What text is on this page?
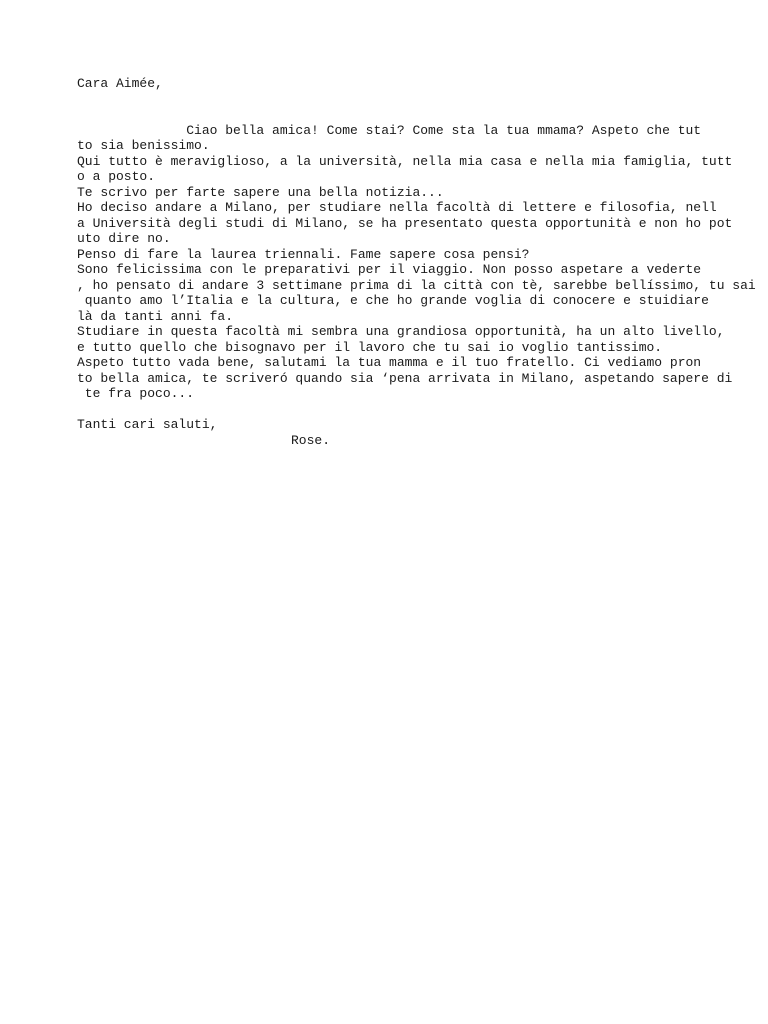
Cara Aimée,
Ciao bella amica! Come stai? Come sta la tua mmama? Aspeto che tut
to sia benissimo.
Qui tutto è meraviglioso, a la università, nella mia casa e nella mia famiglia, tutt
o a posto.
Te scrivo per farte sapere una bella notizia...
Ho deciso andare a Milano, per studiare nella facoltà di lettere e filosofia, nell
a Università degli studi di Milano, se ha presentato questa opportunità e non ho pot
uto dire no.
Penso di fare la laurea triennali. Fame sapere cosa pensi?
Sono felicissima con le preparativi per il viaggio. Non posso aspetare a vederte
, ho pensato di andare 3 settimane prima di la città con tè, sarebbe bellíssimo, tu sai
quanto amo l’Italia e la cultura, e che ho grande voglia di conocere e stuidiare
là da tanti anni fa.
Studiare in questa facoltà mi sembra una grandiosa opportunità, ha un alto livello,
e tutto quello che bisognavo per il lavoro che tu sai io voglio tantissimo.
Aspeto tutto vada bene, salutami la tua mamma e il tuo fratello. Ci vediamo pron
to bella amica, te scriveró quando sia ‘pena arrivata in Milano, aspetando sapere di
te fra poco...
Tanti cari saluti,
Rose.
